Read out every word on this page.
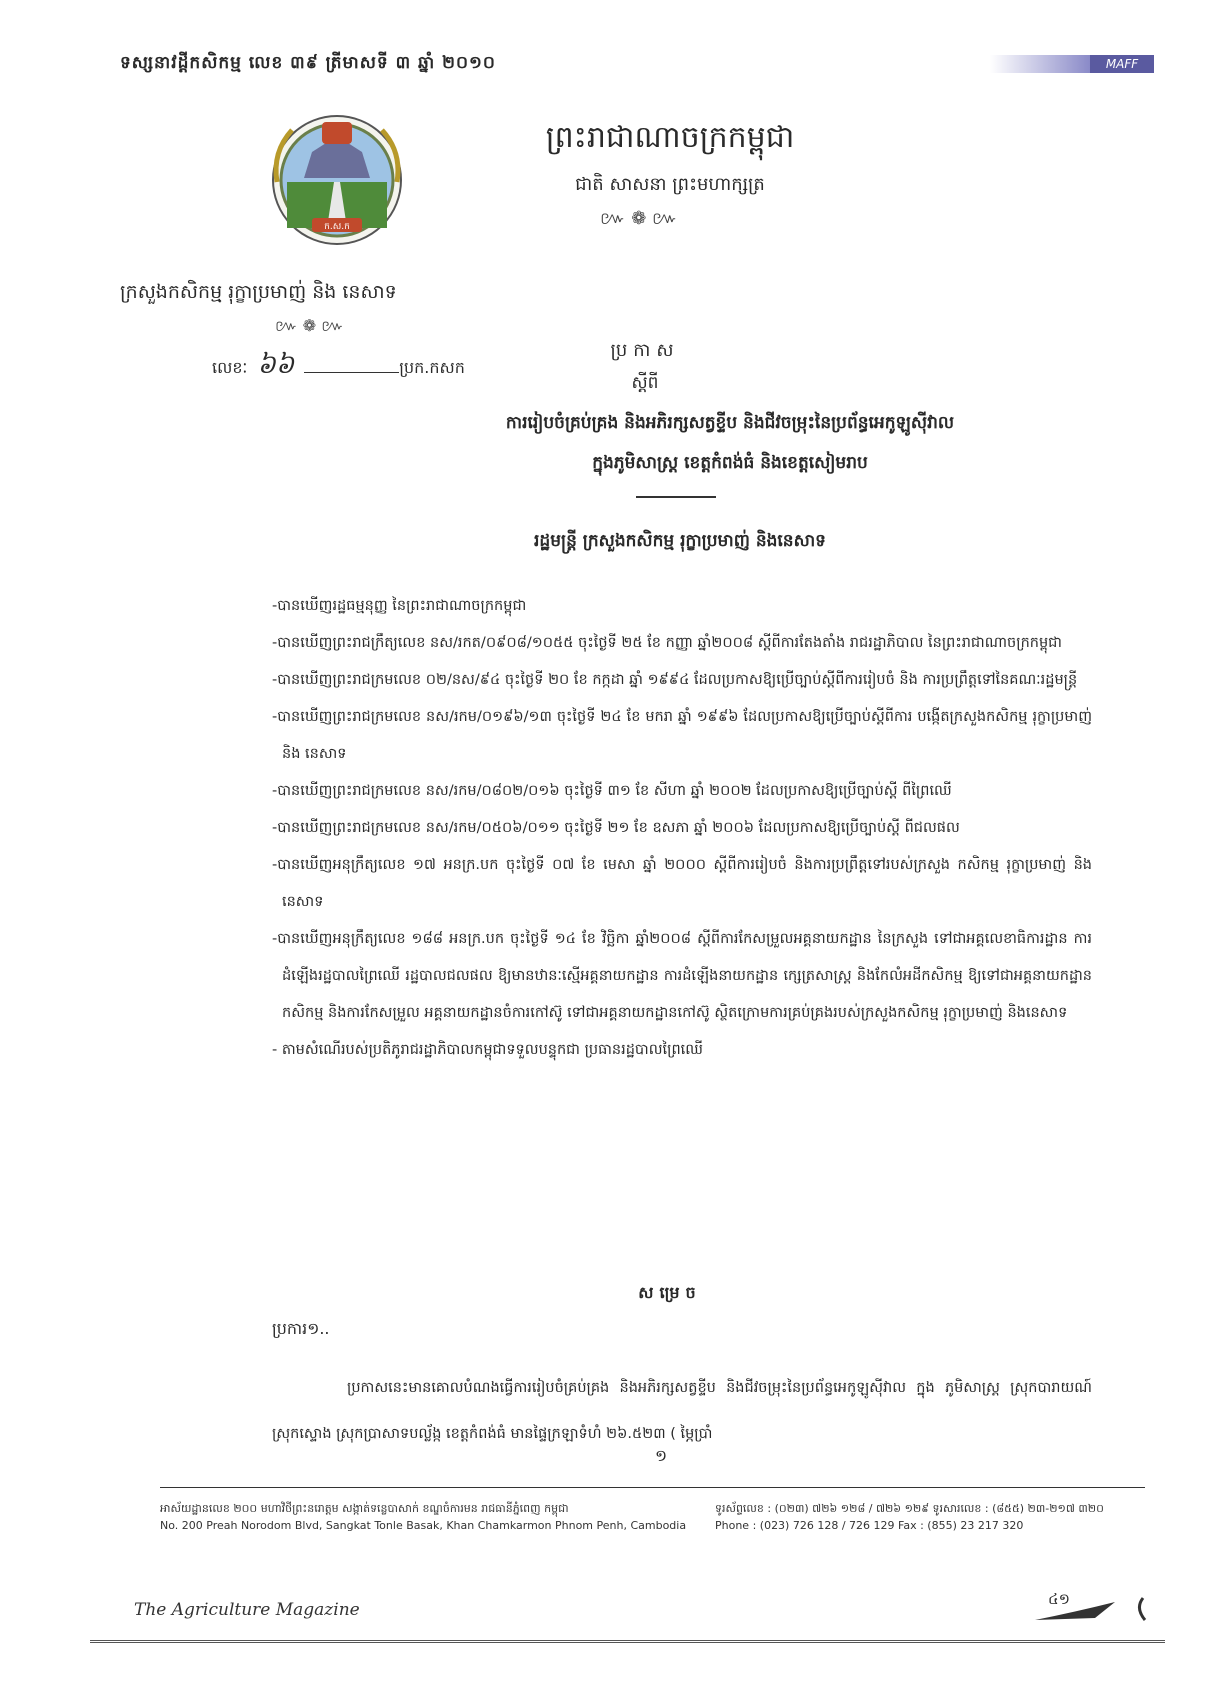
ទស្សនាវដ្តីកសិកម្ម លេខ ៣៩ ត្រីមាសទី ៣ ឆ្នាំ ២០១០	MAFF
ក.ស.ក
ព្រះរាជាណាចក្រកម្ពុជា
ជាតិ សាសនា ព្រះមហាក្សត្រ
៚ ❁ ៚
ក្រសួងកសិកម្ម រុក្ខាប្រមាញ់ និង នេសាទ
៚ ❁ ៚
លេខៈ ៦៦	ប្រក.កសក
ប្រកាស
ស្តីពី
ការរៀបចំគ្រប់គ្រង និងអភិរក្សសត្វខ្ទីប និងជីវចម្រុះនៃប្រព័ន្ធអេកូឡូស៊ីវាល
ក្នុងភូមិសាស្ត្រ ខេត្តកំពង់ធំ និងខេត្តសៀមរាប
រដ្ឋមន្ត្រី ក្រសួងកសិកម្ម រុក្ខាប្រមាញ់ និងនេសាទ
-បានឃើញរដ្ឋធម្មនុញ្ញ នៃព្រះរាជាណាចក្រកម្ពុជា
-បានឃើញព្រះរាជក្រឹត្យលេខ នស/រកត/០៩០៨/១០៥៥ ចុះថ្ងៃទី ២៥ ខែ កញ្ញា ឆ្នាំ២០០៨ ស្តីពីការតែងតាំង រាជរដ្ឋាភិបាល នៃព្រះរាជាណាចក្រកម្ពុជា
-បានឃើញព្រះរាជក្រមលេខ ០២/នស/៩៤ ចុះថ្ងៃទី ២០ ខែ កក្កដា ឆ្នាំ ១៩៩៤ ដែលប្រកាសឱ្យប្រើច្បាប់ស្តីពីការរៀបចំ និង ការប្រព្រឹត្តទៅនៃគណៈរដ្ឋមន្ត្រី
-បានឃើញព្រះរាជក្រមលេខ នស/រកម/០១៩៦/១៣ ចុះថ្ងៃទី ២៤ ខែ មករា ឆ្នាំ ១៩៩៦ ដែលប្រកាសឱ្យប្រើច្បាប់ស្តីពីការ បង្កើតក្រសួងកសិកម្ម រុក្ខាប្រមាញ់ និង នេសាទ
-បានឃើញព្រះរាជក្រមលេខ នស/រកម/០៨០២/០១៦ ចុះថ្ងៃទី ៣១ ខែ សីហា ឆ្នាំ ២០០២ ដែលប្រកាសឱ្យប្រើច្បាប់ស្តី ពីព្រៃឈើ
-បានឃើញព្រះរាជក្រមលេខ នស/រកម/០៥០៦/០១១ ចុះថ្ងៃទី ២១ ខែ ឧសភា ឆ្នាំ ២០០៦ ដែលប្រកាសឱ្យប្រើច្បាប់ស្តី ពីជលផល
-បានឃើញអនុក្រឹត្យលេខ ១៧ អនក្រ.បក ចុះថ្ងៃទី ០៧ ខែ មេសា ឆ្នាំ ២០០០ ស្តីពីការរៀបចំ និងការប្រព្រឹត្តទៅរបស់ក្រសួង កសិកម្ម រុក្ខាប្រមាញ់ និង នេសាទ
-បានឃើញអនុក្រឹត្យលេខ ១៨៨ អនក្រ.បក ចុះថ្ងៃទី ១៤ ខែ វិច្ឆិកា ឆ្នាំ២០០៨ ស្តីពីការកែសម្រួលអគ្គនាយកដ្ឋាន នៃក្រសួង ទៅជាអគ្គលេខាធិការដ្ឋាន ការដំឡើងរដ្ឋបាលព្រៃឈើ រដ្ឋបាលជលផល ឱ្យមានឋានៈស្មើអគ្គនាយកដ្ឋាន ការដំឡើងនាយកដ្ឋាន ក្សេត្រសាស្ត្រ និងកែលំអដីកសិកម្ម ឱ្យទៅជាអគ្គនាយកដ្ឋានកសិកម្ម និងការកែសម្រួល អគ្គនាយកដ្ឋានចំការកៅស៊ូ ទៅជាអគ្គនាយកដ្ឋានកៅស៊ូ ស្ថិតក្រោមការគ្រប់គ្រងរបស់ក្រសួងកសិកម្ម រុក្ខាប្រមាញ់ និងនេសាទ
- តាមសំណើរបស់ប្រតិភូរាជរដ្ឋាភិបាលកម្ពុជាទទួលបន្ទុកជា ប្រធានរដ្ឋបាលព្រៃឈើ
សម្រេច
ប្រការ១..
ប្រកាសនេះមានគោលបំណងធ្វើការរៀបចំគ្រប់គ្រង និងអភិរក្សសត្វខ្ទីប និងជីវចម្រុះនៃប្រព័ន្ធអេកូឡូស៊ីវាល ក្នុង ភូមិសាស្ត្រ ស្រុកបារាយណ៍ ស្រុកស្ទោង ស្រុកប្រាសាទបល្ល័ង្ក ខេត្តកំពង់ធំ មានផ្ទៃក្រឡាទំហំ ២៦.៥២៣ ( ម្ភៃប្រាំ
១
អាស័យដ្ឋានលេខ ២០០ មហាវិថីព្រះនរោត្តម សង្កាត់ទន្លេបាសាក់ ខណ្ឌចំការមន រាជធានីភ្នំពេញ កម្ពុជា
No. 200 Preah Norodom Blvd, Sangkat Tonle Basak, Khan Chamkarmon Phnom Penh, Cambodia
ទូរស័ព្ទលេខ : (០២៣) ៧២៦ ១២៨ / ៧២៦ ១២៩ ទូរសារលេខ : (៨៥៥) ២៣-២១៧ ៣២០
Phone : (023) 726 128 / 726 129 Fax : (855) 23 217 320
The Agriculture Magazine
៤១
